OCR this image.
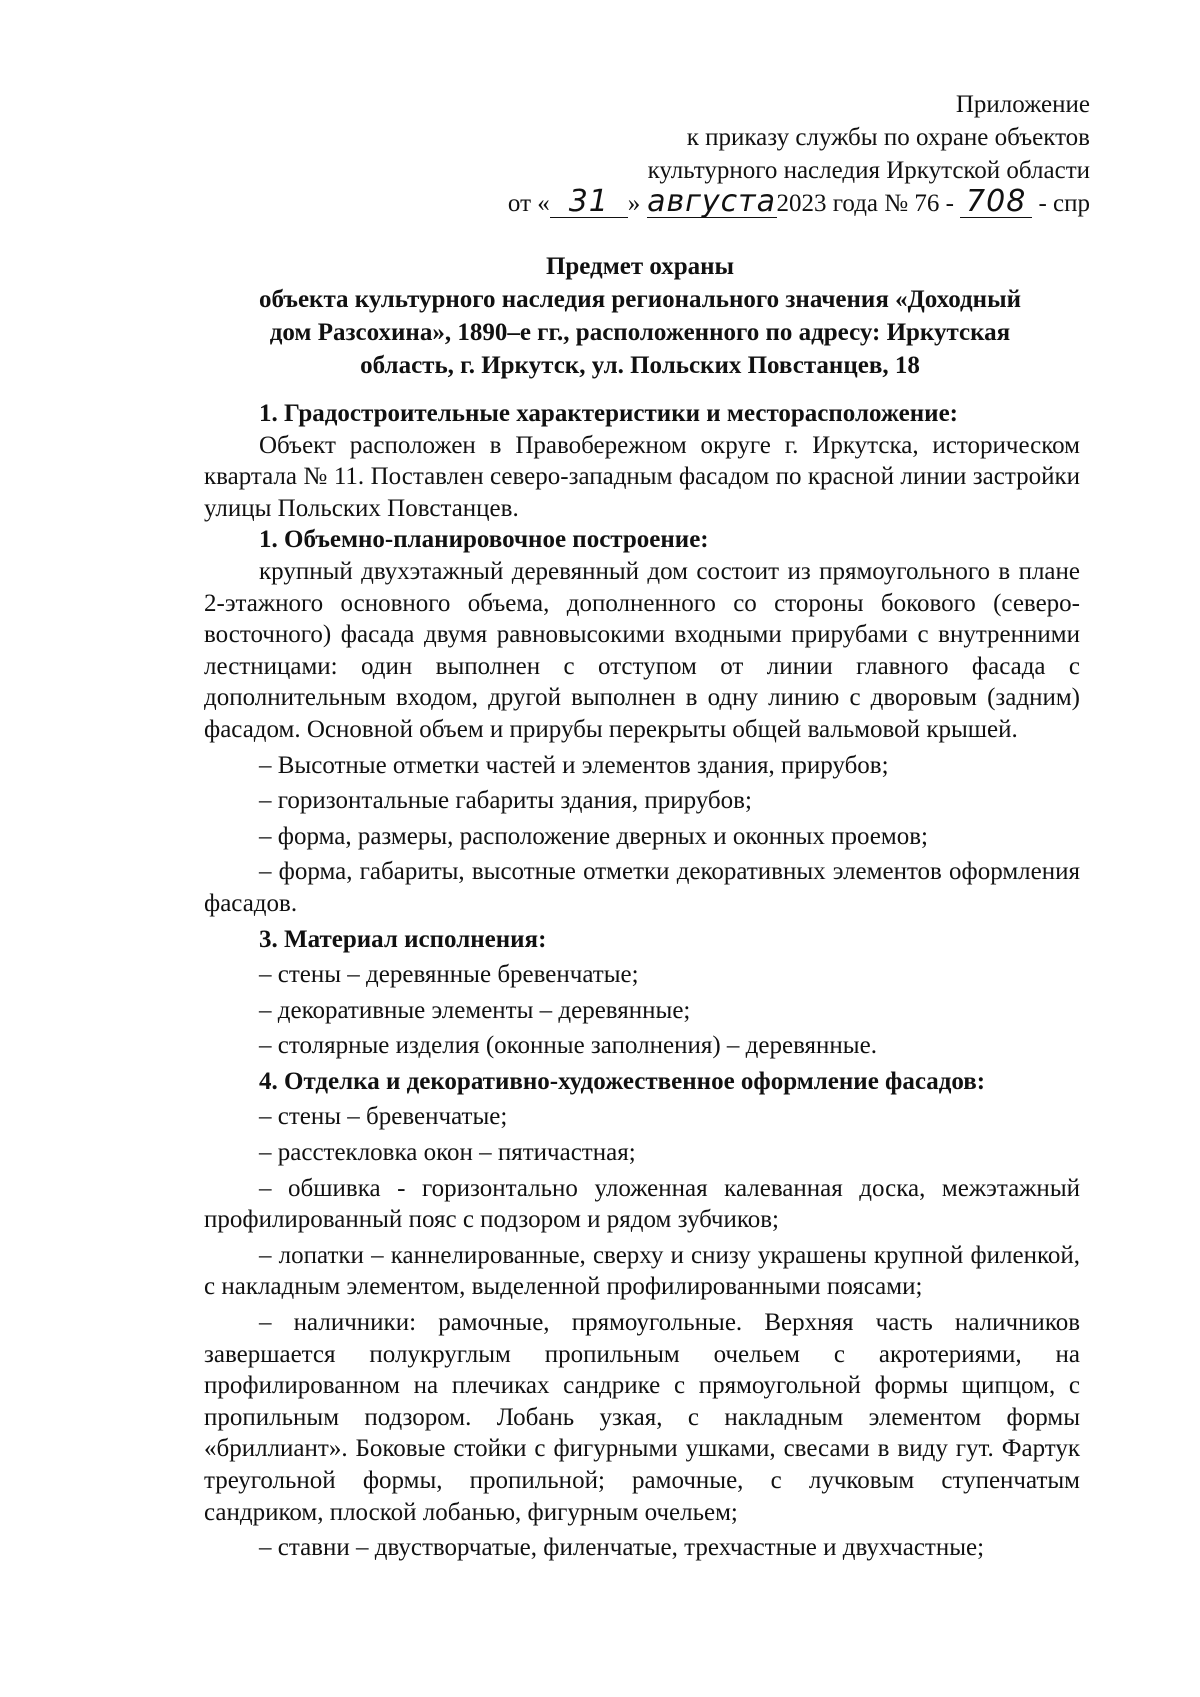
Приложение
к приказу службы по охране объектов
культурного наследия Иркутской области
от « 31 » августа2023 года № 76 - 708 - спр
Предмет охраны
объекта культурного наследия регионального значения «Доходный
дом Разсохина», 1890–е гг., расположенного по адресу: Иркутская
область, г. Иркутск, ул. Польских Повстанцев, 18

1. Градостроительные характеристики и месторасположение:

Объект расположен в Правобережном округе г. Иркутска, историческом квартала № 11. Поставлен северо-западным фасадом по красной линии застройки улицы Польских Повстанцев.

1. Объемно-планировочное построение:

крупный двухэтажный деревянный дом состоит из прямоугольного в плане 2-этажного основного объема, дополненного со стороны бокового (северо-восточного) фасада двумя равновысокими входными прирубами с внутренними лестницами: один выполнен с отступом от линии главного фасада с дополнительным входом, другой выполнен в одну линию с дворовым (задним) фасадом. Основной объем и прирубы перекрыты общей вальмовой крышей.

– Высотные отметки частей и элементов здания, прирубов;

– горизонтальные габариты здания, прирубов;

– форма, размеры, расположение дверных и оконных проемов;

– форма, габариты, высотные отметки декоративных элементов оформления фасадов.

3. Материал исполнения:

– стены – деревянные бревенчатые;

– декоративные элементы – деревянные;

– столярные изделия (оконные заполнения) – деревянные.

4. Отделка и декоративно-художественное оформление фасадов:

– стены – бревенчатые;

– расстекловка окон – пятичастная;

– обшивка - горизонтально уложенная калеванная доска, межэтажный профилированный пояс с подзором и рядом зубчиков;

– лопатки – каннелированные, сверху и снизу украшены крупной филенкой, с накладным элементом, выделенной профилированными поясами;

– наличники: рамочные, прямоугольные. Верхняя часть наличников завершается полукруглым пропильным очельем с акротериями, на профилированном на плечиках сандрике с прямоугольной формы щипцом, с пропильным подзором. Лобань узкая, с накладным элементом формы «бриллиант». Боковые стойки с фигурными ушками, свесами в виду гут. Фартук треугольной формы, пропильной; рамочные, с лучковым ступенчатым сандриком, плоской лобанью, фигурным очельем;

– ставни – двустворчатые, филенчатые, трехчастные и двухчастные;
